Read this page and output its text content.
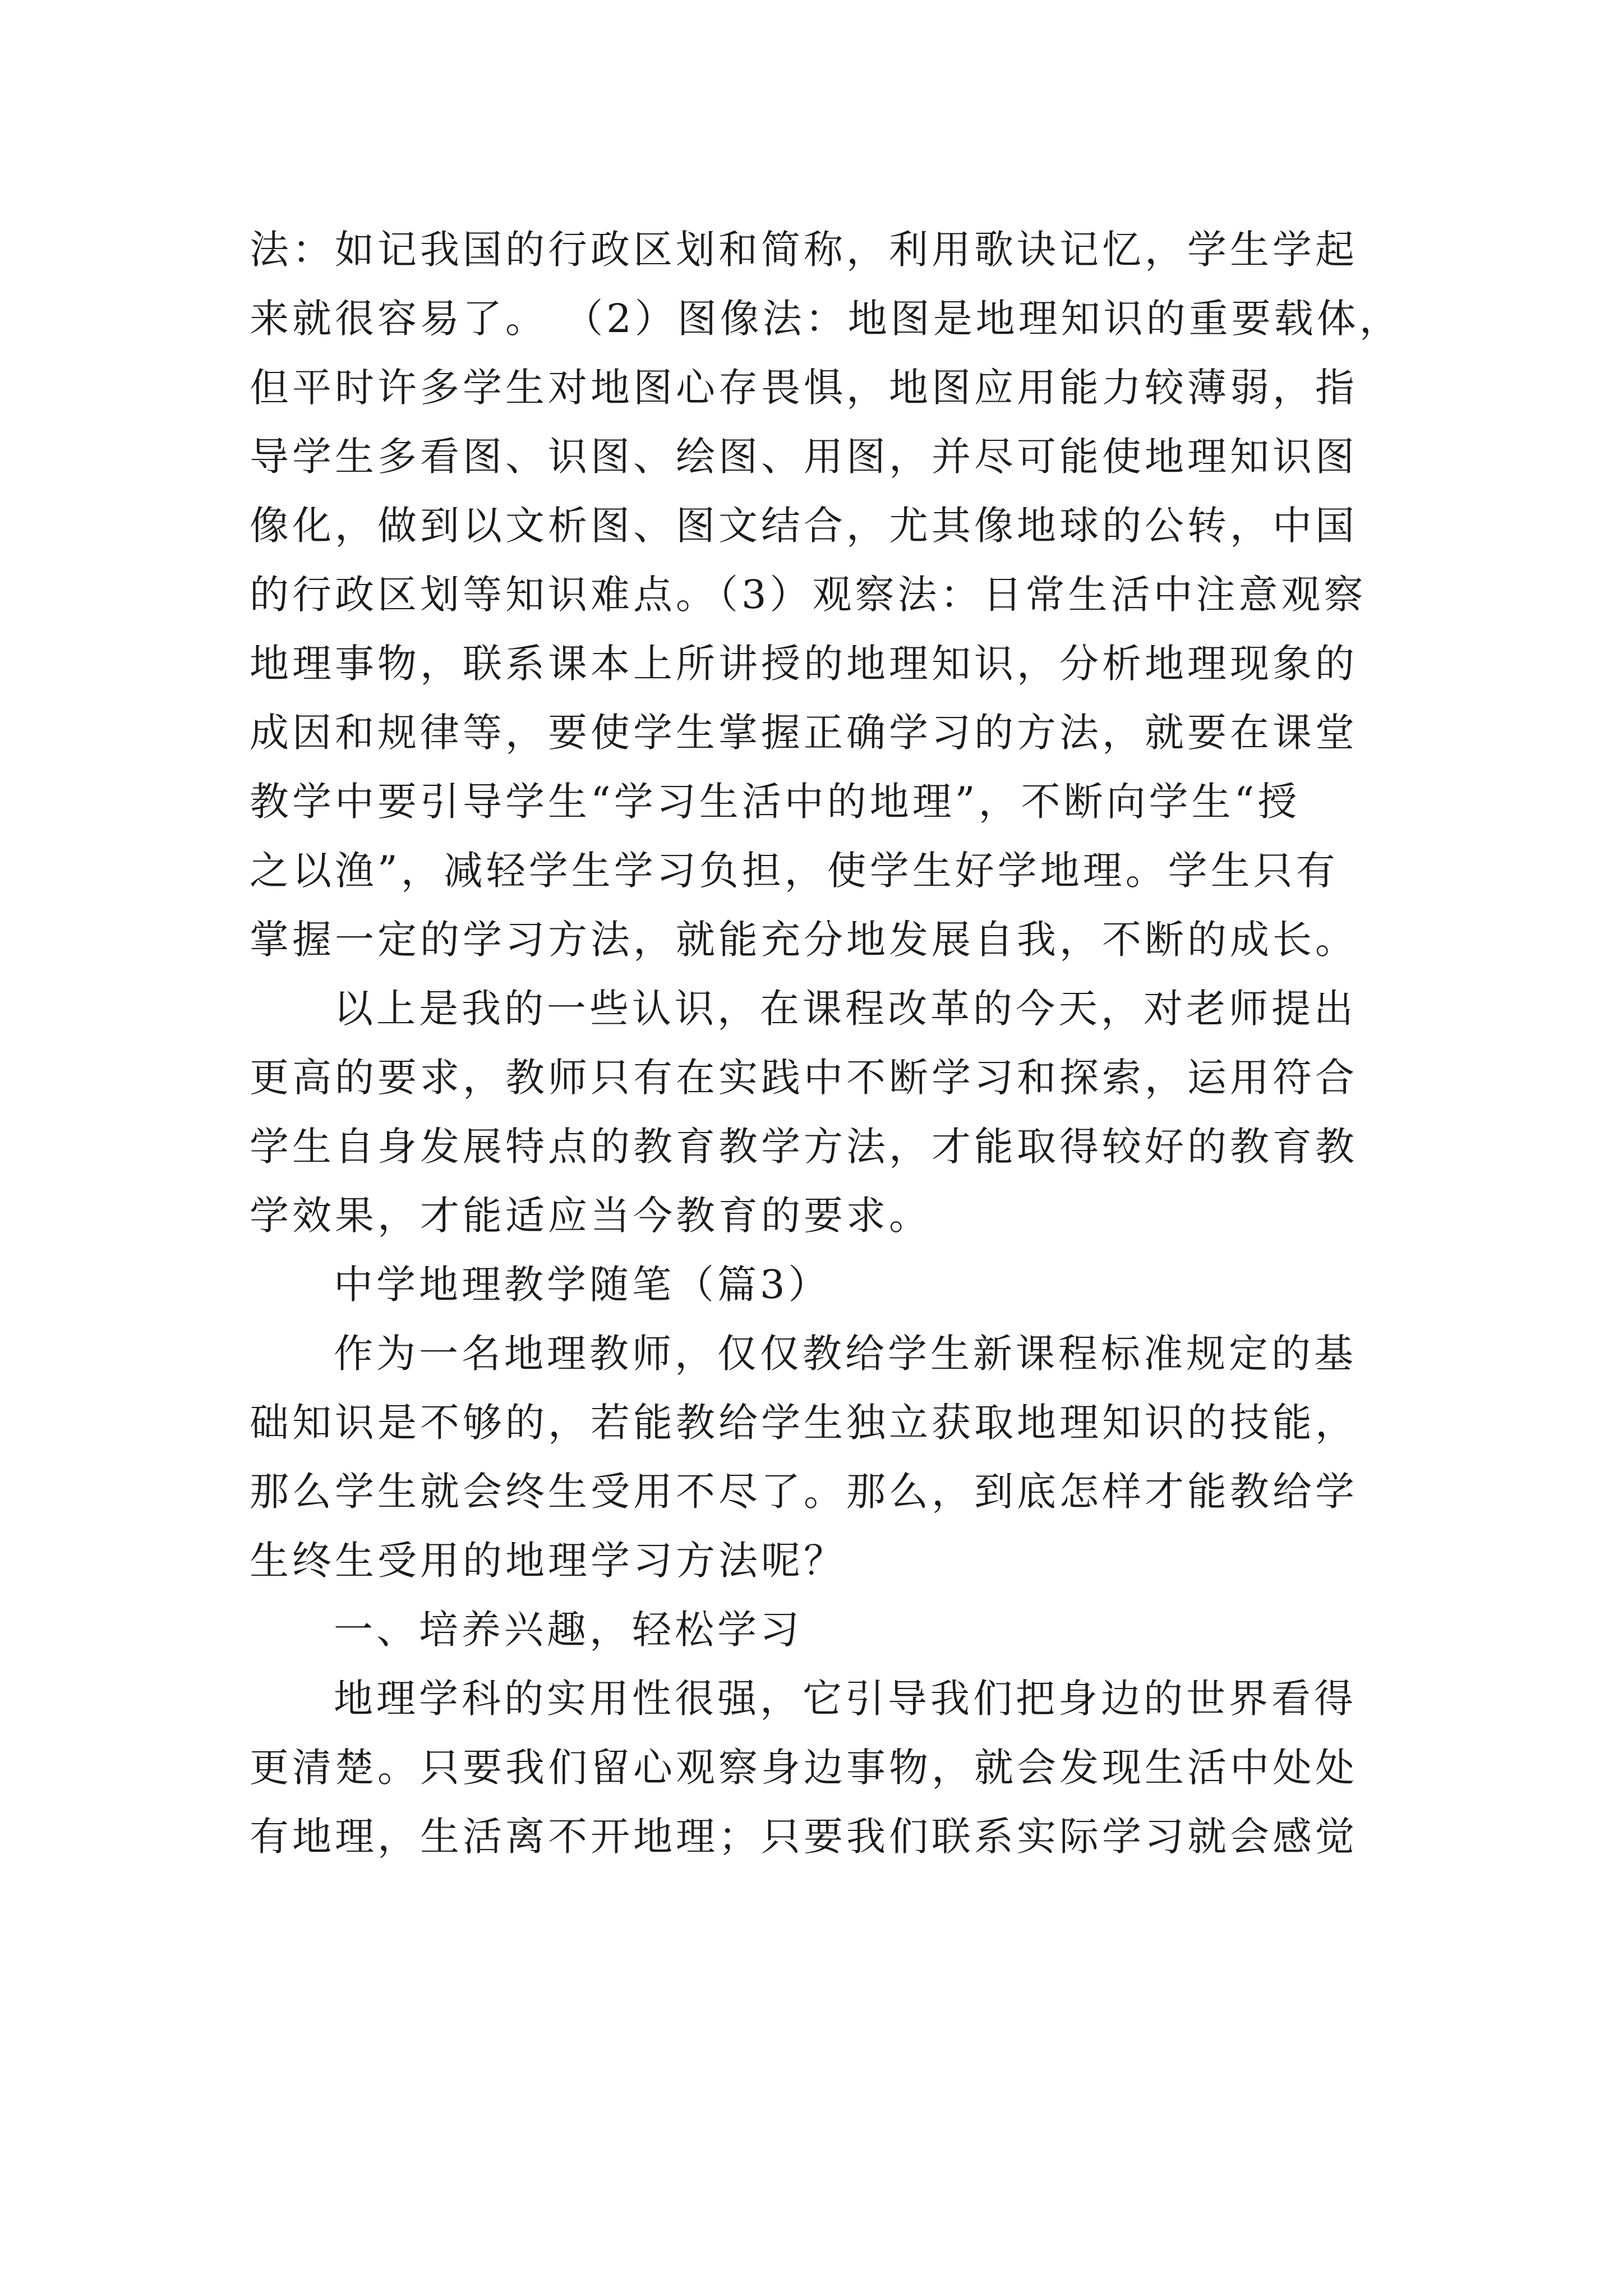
法：如记我国的行政区划和简称，利用歌诀记忆，学生学起
来就很容易了。 （2）图像法：地图是地理知识的重要载体，
但平时许多学生对地图心存畏惧，地图应用能力较薄弱，指
导学生多看图、识图、绘图、用图，并尽可能使地理知识图
像化，做到以文析图、图文结合，尤其像地球的公转，中国
的行政区划等知识难点。（3）观察法：日常生活中注意观察
地理事物，联系课本上所讲授的地理知识，分析地理现象的
成因和规律等，要使学生掌握正确学习的方法，就要在课堂
教学中要引导学生“学习生活中的地理”，不断向学生“授
之以渔”，减轻学生学习负担，使学生好学地理。学生只有
掌握一定的学习方法，就能充分地发展自我，不断的成长。
以上是我的一些认识，在课程改革的今天，对老师提出
更高的要求，教师只有在实践中不断学习和探索，运用符合
学生自身发展特点的教育教学方法，才能取得较好的教育教
学效果，才能适应当今教育的要求。
中学地理教学随笔（篇3）
作为一名地理教师，仅仅教给学生新课程标准规定的基
础知识是不够的，若能教给学生独立获取地理知识的技能，
那么学生就会终生受用不尽了。那么，到底怎样才能教给学
生终生受用的地理学习方法呢？
一、培养兴趣，轻松学习
地理学科的实用性很强，它引导我们把身边的世界看得
更清楚。只要我们留心观察身边事物，就会发现生活中处处
有地理，生活离不开地理；只要我们联系实际学习就会感觉
